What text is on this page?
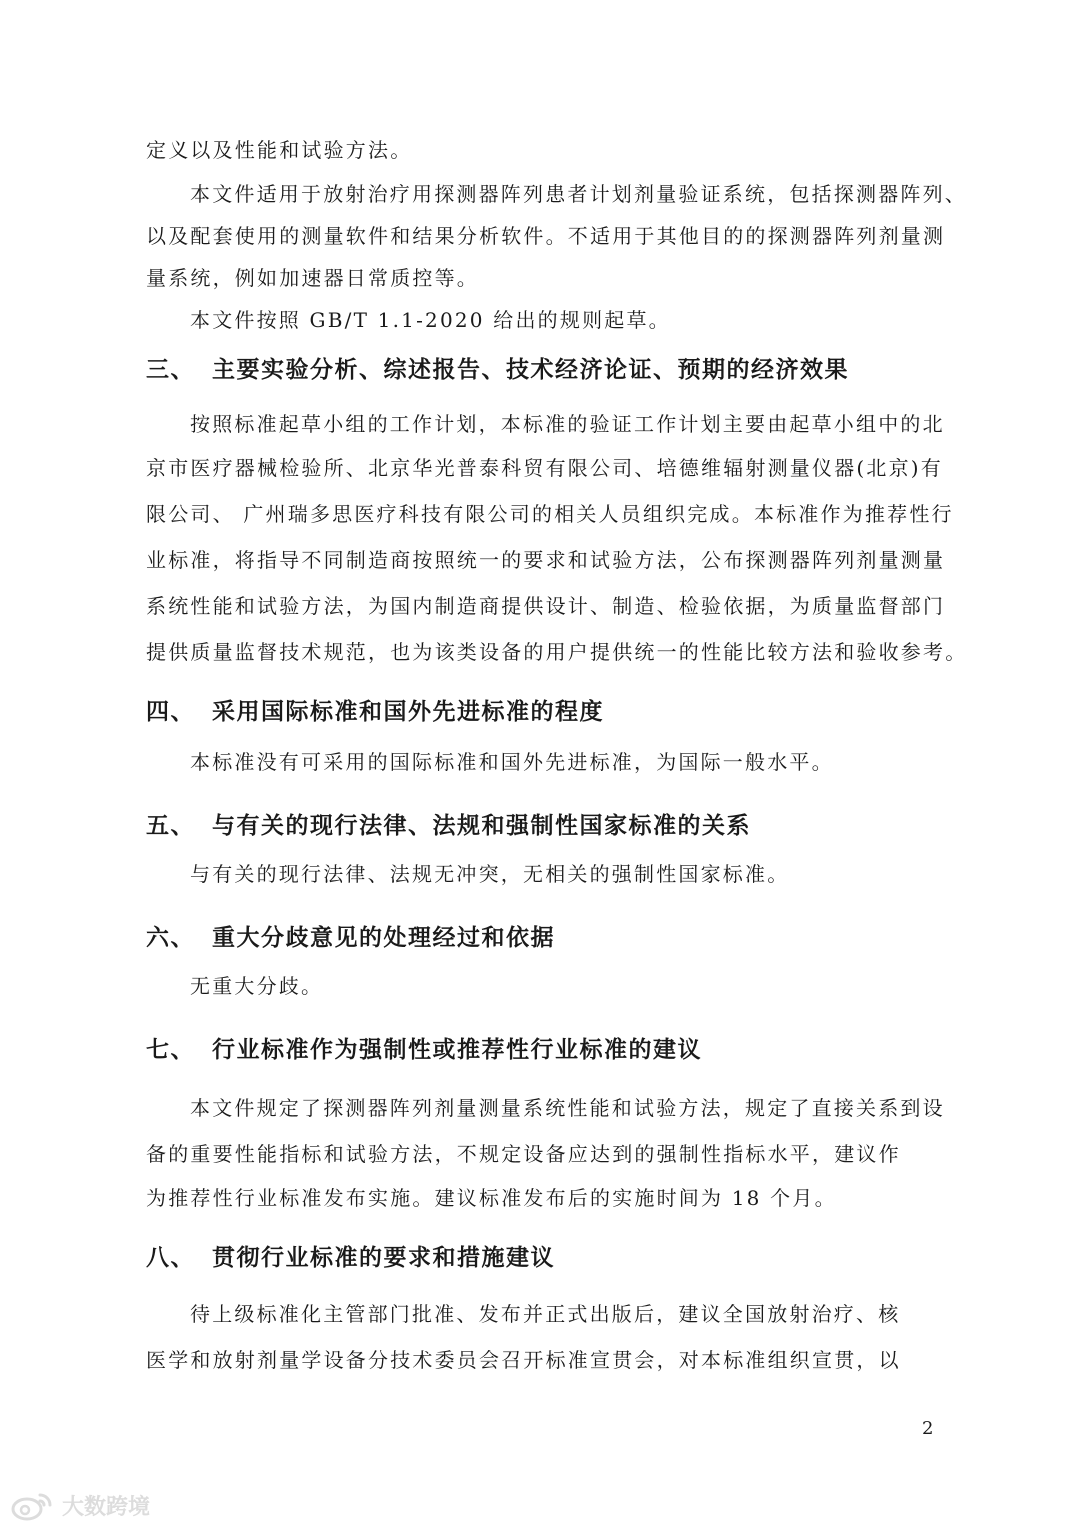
定义以及性能和试验方法。
本文件适用于放射治疗用探测器阵列患者计划剂量验证系统，包括探测器阵列、
以及配套使用的测量软件和结果分析软件。不适用于其他目的的探测器阵列剂量测
量系统，例如加速器日常质控等。
本文件按照 GB/T 1.1-2020 给出的规则起草。
三、 主要实验分析、综述报告、技术经济论证、预期的经济效果
按照标准起草小组的工作计划，本标准的验证工作计划主要由起草小组中的北
京市医疗器械检验所、北京华光普泰科贸有限公司、培德维辐射测量仪器(北京)有
限公司、 广州瑞多思医疗科技有限公司的相关人员组织完成。本标准作为推荐性行
业标准，将指导不同制造商按照统一的要求和试验方法，公布探测器阵列剂量测量
系统性能和试验方法，为国内制造商提供设计、制造、检验依据，为质量监督部门
提供质量监督技术规范，也为该类设备的用户提供统一的性能比较方法和验收参考。
四、 采用国际标准和国外先进标准的程度
本标准没有可采用的国际标准和国外先进标准，为国际一般水平。
五、 与有关的现行法律、法规和强制性国家标准的关系
与有关的现行法律、法规无冲突，无相关的强制性国家标准。
六、 重大分歧意见的处理经过和依据
无重大分歧。
七、 行业标准作为强制性或推荐性行业标准的建议
本文件规定了探测器阵列剂量测量系统性能和试验方法，规定了直接关系到设
备的重要性能指标和试验方法，不规定设备应达到的强制性指标水平，建议作
为推荐性行业标准发布实施。建议标准发布后的实施时间为 18 个月。
八、 贯彻行业标准的要求和措施建议
待上级标准化主管部门批准、发布并正式出版后，建议全国放射治疗、核
医学和放射剂量学设备分技术委员会召开标准宣贯会，对本标准组织宣贯，以
2
大数跨境
